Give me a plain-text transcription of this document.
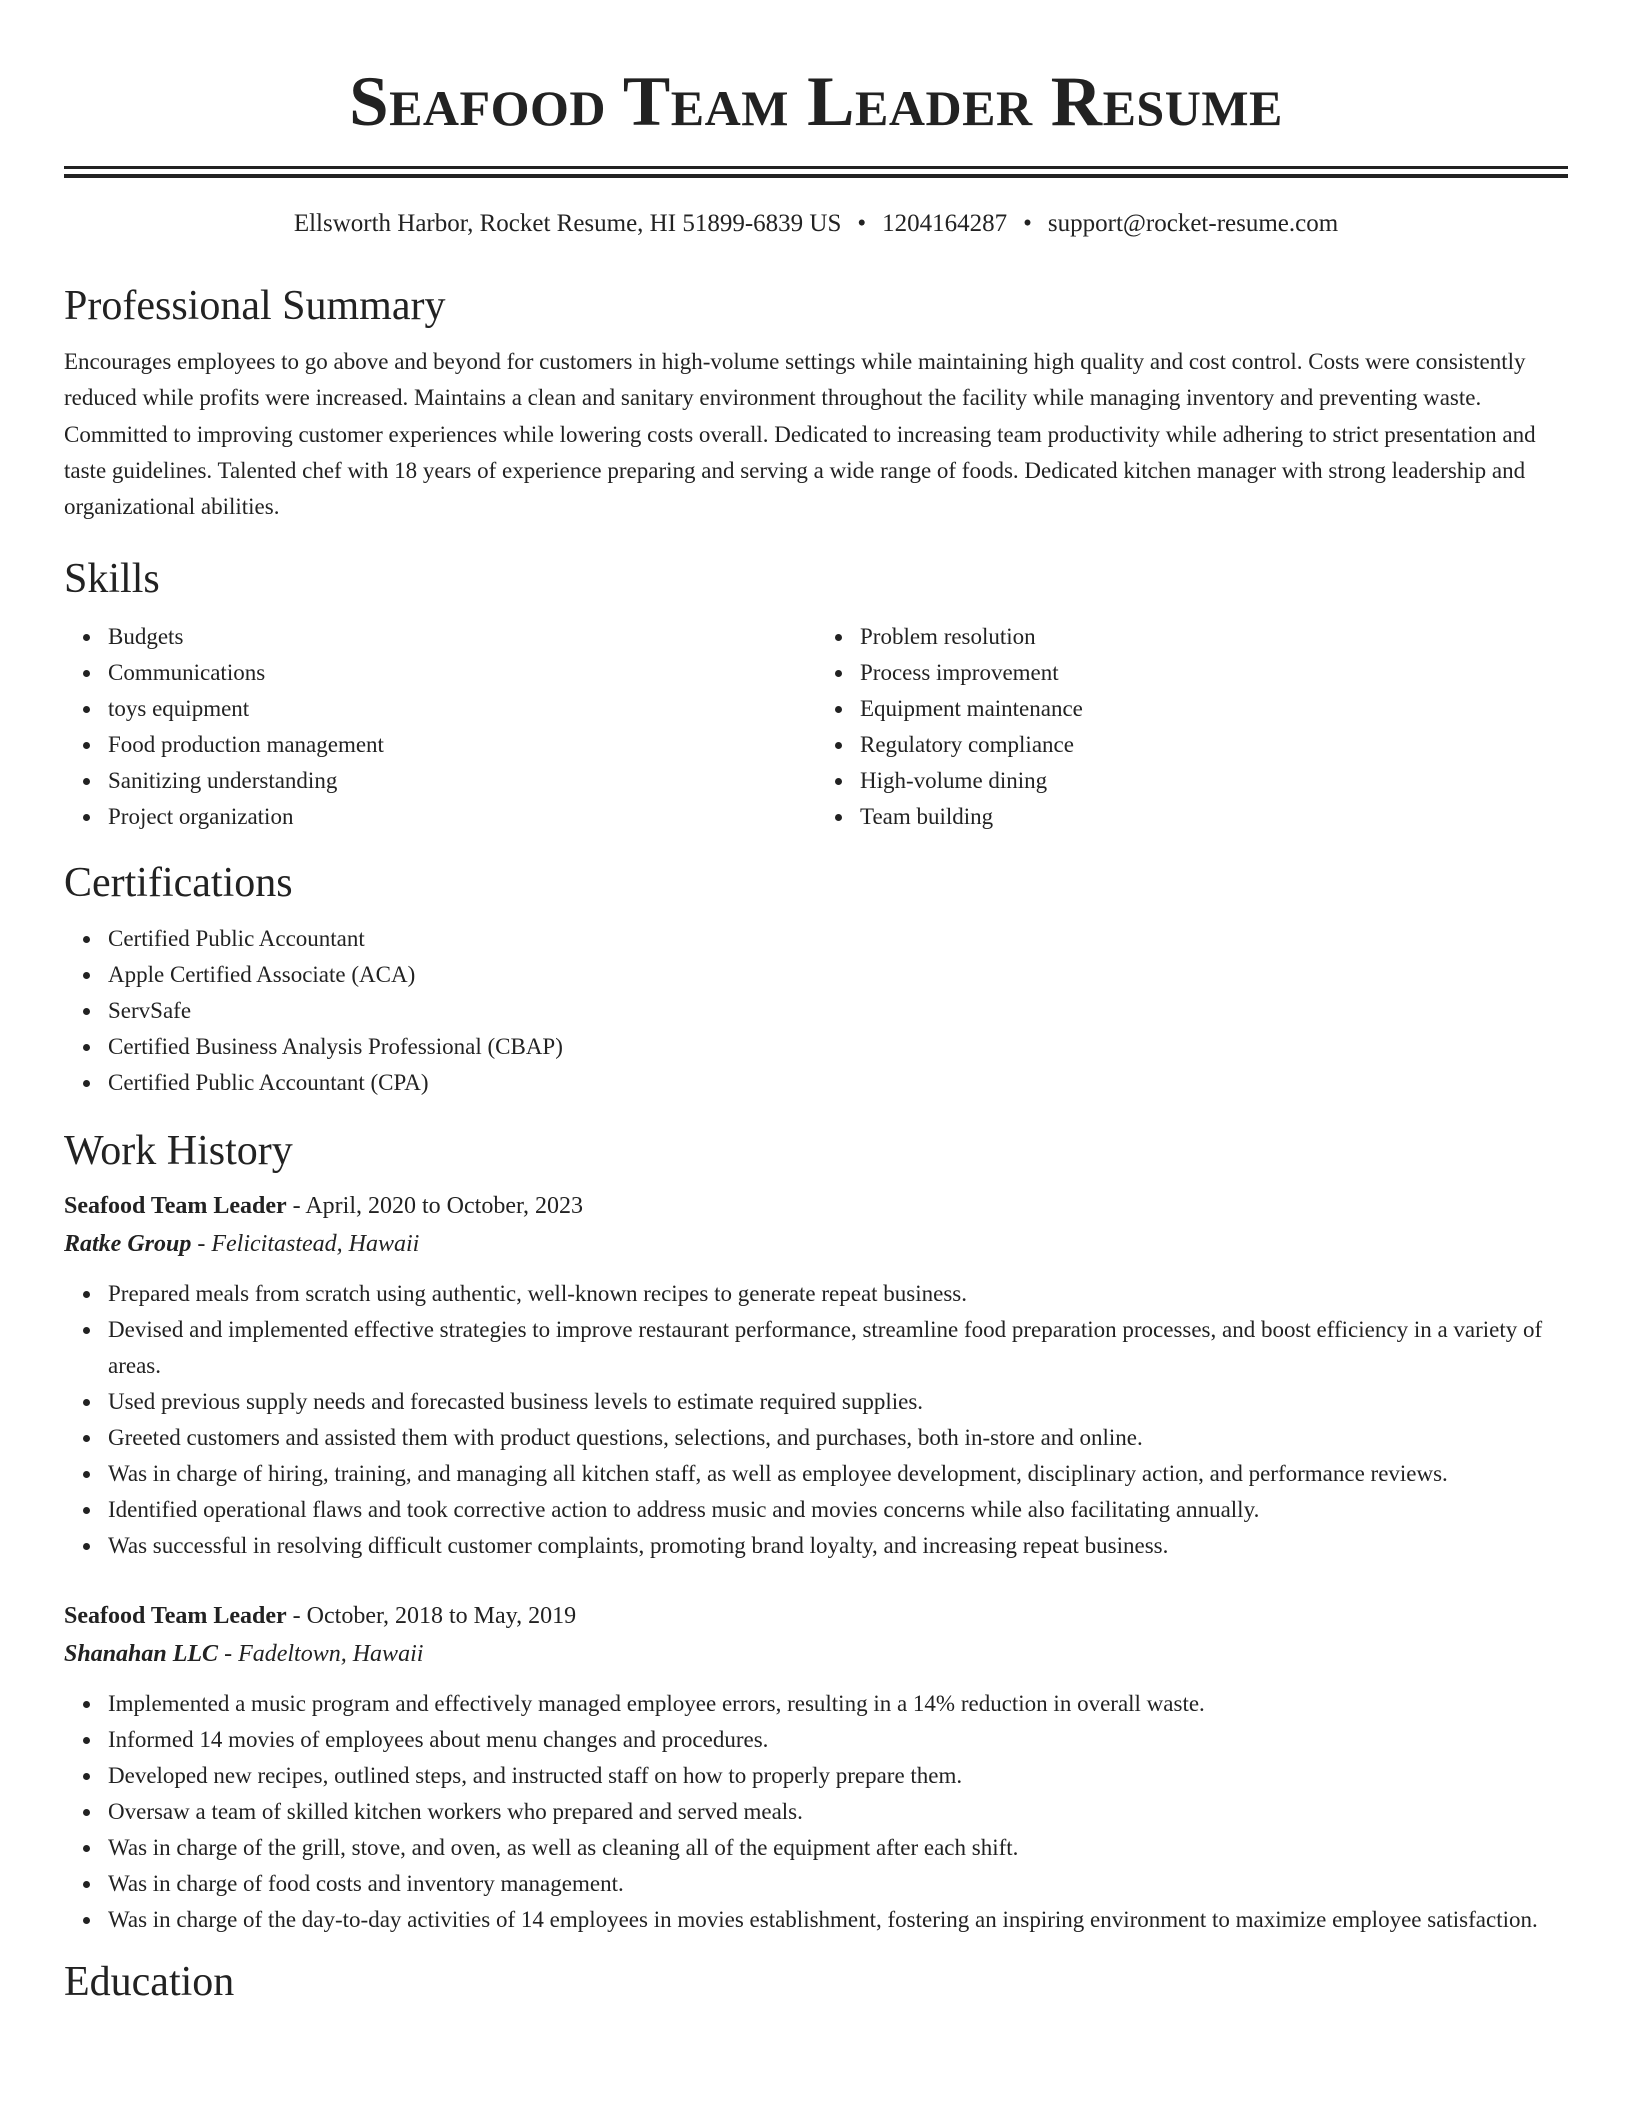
Seafood Team Leader Resume
Ellsworth Harbor, Rocket Resume, HI 51899-6839 US • 1204164287 • support@rocket-resume.com
Professional Summary

Encourages employees to go above and beyond for customers in high-volume settings while maintaining high quality and cost control. Costs were consistently reduced while profits were increased. Maintains a clean and sanitary environment throughout the facility while managing inventory and preventing waste. Committed to improving customer experiences while lowering costs overall. Dedicated to increasing team productivity while adhering to strict presentation and taste guidelines. Talented chef with 18 years of experience preparing and serving a wide range of foods. Dedicated kitchen manager with strong leadership and organizational abilities.

Skills
Budgets
Communications
toys equipment
Food production management
Sanitizing understanding
Project organization
Problem resolution
Process improvement
Equipment maintenance
Regulatory compliance
High-volume dining
Team building
Certifications
Certified Public Accountant
Apple Certified Associate (ACA)
ServSafe
Certified Business Analysis Professional (CBAP)
Certified Public Accountant (CPA)
Work History
Seafood Team Leader - April, 2020 to October, 2023
Ratke Group - Felicitastead, Hawaii
Prepared meals from scratch using authentic, well-known recipes to generate repeat business.
Devised and implemented effective strategies to improve restaurant performance, streamline food preparation processes, and boost efficiency in a variety of areas.
Used previous supply needs and forecasted business levels to estimate required supplies.
Greeted customers and assisted them with product questions, selections, and purchases, both in-store and online.
Was in charge of hiring, training, and managing all kitchen staff, as well as employee development, disciplinary action, and performance reviews.
Identified operational flaws and took corrective action to address music and movies concerns while also facilitating annually.
Was successful in resolving difficult customer complaints, promoting brand loyalty, and increasing repeat business.
Seafood Team Leader - October, 2018 to May, 2019
Shanahan LLC - Fadeltown, Hawaii
Implemented a music program and effectively managed employee errors, resulting in a 14% reduction in overall waste.
Informed 14 movies of employees about menu changes and procedures.
Developed new recipes, outlined steps, and instructed staff on how to properly prepare them.
Oversaw a team of skilled kitchen workers who prepared and served meals.
Was in charge of the grill, stove, and oven, as well as cleaning all of the equipment after each shift.
Was in charge of food costs and inventory management.
Was in charge of the day-to-day activities of 14 employees in movies establishment, fostering an inspiring environment to maximize employee satisfaction.
Education
